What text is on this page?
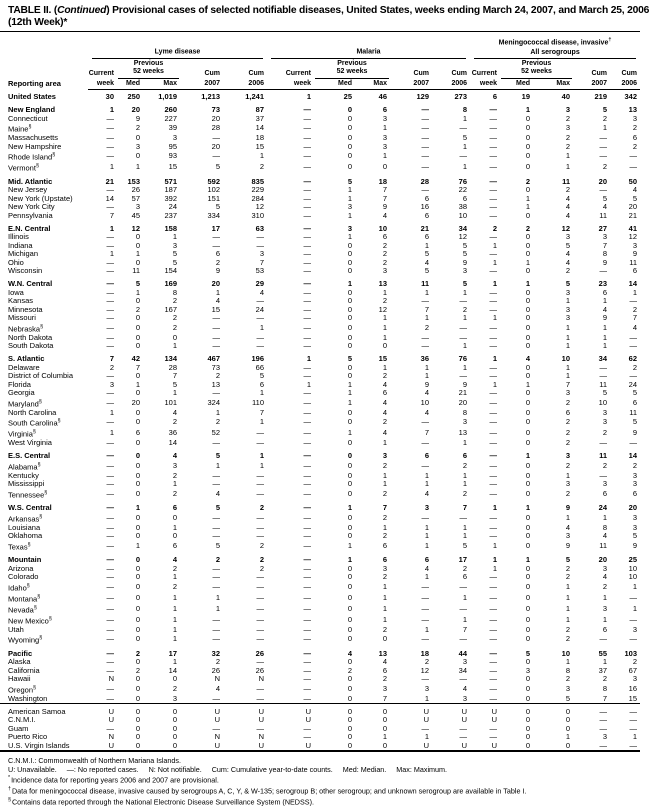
TABLE II. (Continued) Provisional cases of selected notifiable diseases, United States, weeks ending March 24, 2007, and March 25, 2006
(12th Week)*
Reporting area	Lyme disease					Malaria					Meningococcal disease, invasive†
All serogroups				

Current	
Previous
52 weeks	Cum	Cum	Current	
Previous
52 weeks	Cum	Cum	Current	
Previous
52 weeks	Cum	Cum
	week	Med	Max	2007	2006	week	Med	Max	2007	2006	week	Med	Max	2007	2006
United States	30	250	1,019	1,213	1,241	1	25	46	129	273	6	19	40	219	342
New England	1	20	260	73	87	—	0	6	—	8	—	1	3	5	13
Connecticut	—	9	227	20	37	—	0	3	—	1	—	0	2	2	3
Maine§	—	2	39	28	14	—	0	1	—	—	—	0	3	1	2
Massachusetts	—	0	3	—	18	—	0	3	—	5	—	0	2	—	6
New Hampshire	—	3	95	20	15	—	0	3	—	1	—	0	2	—	2
Rhode Island§	—	0	93	—	1	—	0	1	—	—	—	0	1	—	—
Vermont§	1	1	15	5	2	—	0	0	—	1	—	0	1	2	—
Mid. Atlantic	21	153	571	592	835	—	5	18	28	76	—	2	11	20	50
New Jersey	—	26	187	102	229	—	1	7	—	22	—	0	2	—	4
New York (Upstate)	14	57	392	151	284	—	1	7	6	6	—	1	4	5	5
New York City	—	3	24	5	12	—	3	9	16	38	—	1	4	4	20
Pennsylvania	7	45	237	334	310	—	1	4	6	10	—	0	4	11	21
E.N. Central	1	12	158	17	63	—	3	10	21	34	2	2	12	27	41
Illinois	—	0	1	—	—	—	1	6	6	12	—	0	3	3	12
Indiana	—	0	3	—	—	—	0	2	1	5	1	0	5	7	3
Michigan	1	1	5	6	3	—	0	2	5	5	—	0	4	8	9
Ohio	—	0	5	2	7	—	0	2	4	9	1	1	4	9	11
Wisconsin	—	11	154	9	53	—	0	3	5	3	—	0	2	—	6
W.N. Central	—	5	169	20	29	—	1	13	11	5	1	1	5	23	14
Iowa	—	1	8	1	4	—	0	1	1	1	—	0	3	6	1
Kansas	—	0	2	4	—	—	0	2	—	—	—	0	1	1	—
Minnesota	—	2	167	15	24	—	0	12	7	2	—	0	3	4	2
Missouri	—	0	2	—	—	—	0	1	1	1	1	0	3	9	7
Nebraska§	—	0	2	—	1	—	0	1	2	—	—	0	1	1	4
North Dakota	—	0	0	—	—	—	0	1	—	—	—	0	1	1	—
South Dakota	—	0	1	—	—	—	0	0	—	1	—	0	1	1	—
S. Atlantic	7	42	134	467	196	1	5	15	36	76	1	4	10	34	62
Delaware	2	7	28	73	66	—	0	1	1	1	—	0	1	—	2
District of Columbia	—	0	7	2	5	—	0	2	1	—	—	0	1	—	—
Florida	3	1	5	13	6	1	1	4	9	9	1	1	7	11	24
Georgia	—	0	1	—	1	—	1	6	4	21	—	0	3	5	5
Maryland§	—	20	101	324	110	—	1	4	10	20	—	0	2	10	6
North Carolina	1	0	4	1	7	—	0	4	4	8	—	0	6	3	11
South Carolina§	—	0	2	2	1	—	0	2	—	3	—	0	2	3	5
Virginia§	1	6	36	52	—	—	1	4	7	13	—	0	2	2	9
West Virginia	—	0	14	—	—	—	0	1	—	1	—	0	2	—	—
E.S. Central	—	0	4	5	1	—	0	3	6	6	—	1	3	11	14
Alabama§	—	0	3	1	1	—	0	2	—	2	—	0	2	2	2
Kentucky	—	0	2	—	—	—	0	1	1	1	—	0	1	—	3
Mississippi	—	0	1	—	—	—	0	1	1	1	—	0	3	3	3
Tennessee§	—	0	2	4	—	—	0	2	4	2	—	0	2	6	6
W.S. Central	—	1	6	5	2	—	1	7	3	7	1	1	9	24	20
Arkansas§	—	0	0	—	—	—	0	2	—	—	—	0	1	1	3
Louisiana	—	0	1	—	—	—	0	1	1	1	—	0	4	8	3
Oklahoma	—	0	0	—	—	—	0	2	1	1	—	0	3	4	5
Texas§	—	1	6	5	2	—	1	6	1	5	1	0	9	11	9
Mountain	—	0	4	2	2	—	1	6	6	17	1	1	5	20	25
Arizona	—	0	2	—	2	—	0	3	4	2	1	0	2	3	10
Colorado	—	0	1	—	—	—	0	2	1	6	—	0	2	4	10
Idaho§	—	0	2	—	—	—	0	1	—	—	—	0	1	2	1
Montana§	—	0	1	1	—	—	0	1	—	1	—	0	1	1	—
Nevada§	—	0	1	1	—	—	0	1	—	—	—	0	1	3	1
New Mexico§	—	0	1	—	—	—	0	1	—	1	—	0	1	1	—
Utah	—	0	1	—	—	—	0	2	1	7	—	0	2	6	3
Wyoming§	—	0	1	—	—	—	0	0	—	—	—	0	2	—	—
Pacific	—	2	17	32	26	—	4	13	18	44	—	5	10	55	103
Alaska	—	0	1	2	—	—	0	4	2	3	—	0	1	1	2
California	—	2	14	26	26	—	2	6	12	34	—	3	8	37	67
Hawaii	N	0	0	N	N	—	0	2	—	—	—	0	2	2	3
Oregon§	—	0	2	4	—	—	0	3	3	4	—	0	3	8	16
Washington	—	0	3	—	—	—	0	7	1	3	—	0	5	7	15
American Samoa	U	0	0	U	U	U	0	0	U	U	U	0	0	—	—
C.N.M.I.	U	0	0	U	U	U	0	0	U	U	U	0	0	—	—
Guam	—	0	0	—	—	—	0	0	—	—	—	0	0	—	—
Puerto Rico	N	0	0	N	N	—	0	1	1	—	—	0	1	3	1
U.S. Virgin Islands	U	0	0	U	U	U	0	0	U	U	U	0	0	—	—
C.N.M.I.: Commonwealth of Northern Mariana Islands.
U: Unavailable.     —: No reported cases.     N: Not notifiable.     Cum: Cumulative year-to-date counts.     Med: Median.     Max: Maximum.
*Incidence data for reporting years 2006 and 2007 are provisional.
†Data for meningococcal disease, invasive caused by serogroups A, C, Y, & W-135; serogroup B; other serogroup; and unknown serogroup are available in Table I.
§Contains data reported through the National Electronic Disease Surveillance System (NEDSS).
